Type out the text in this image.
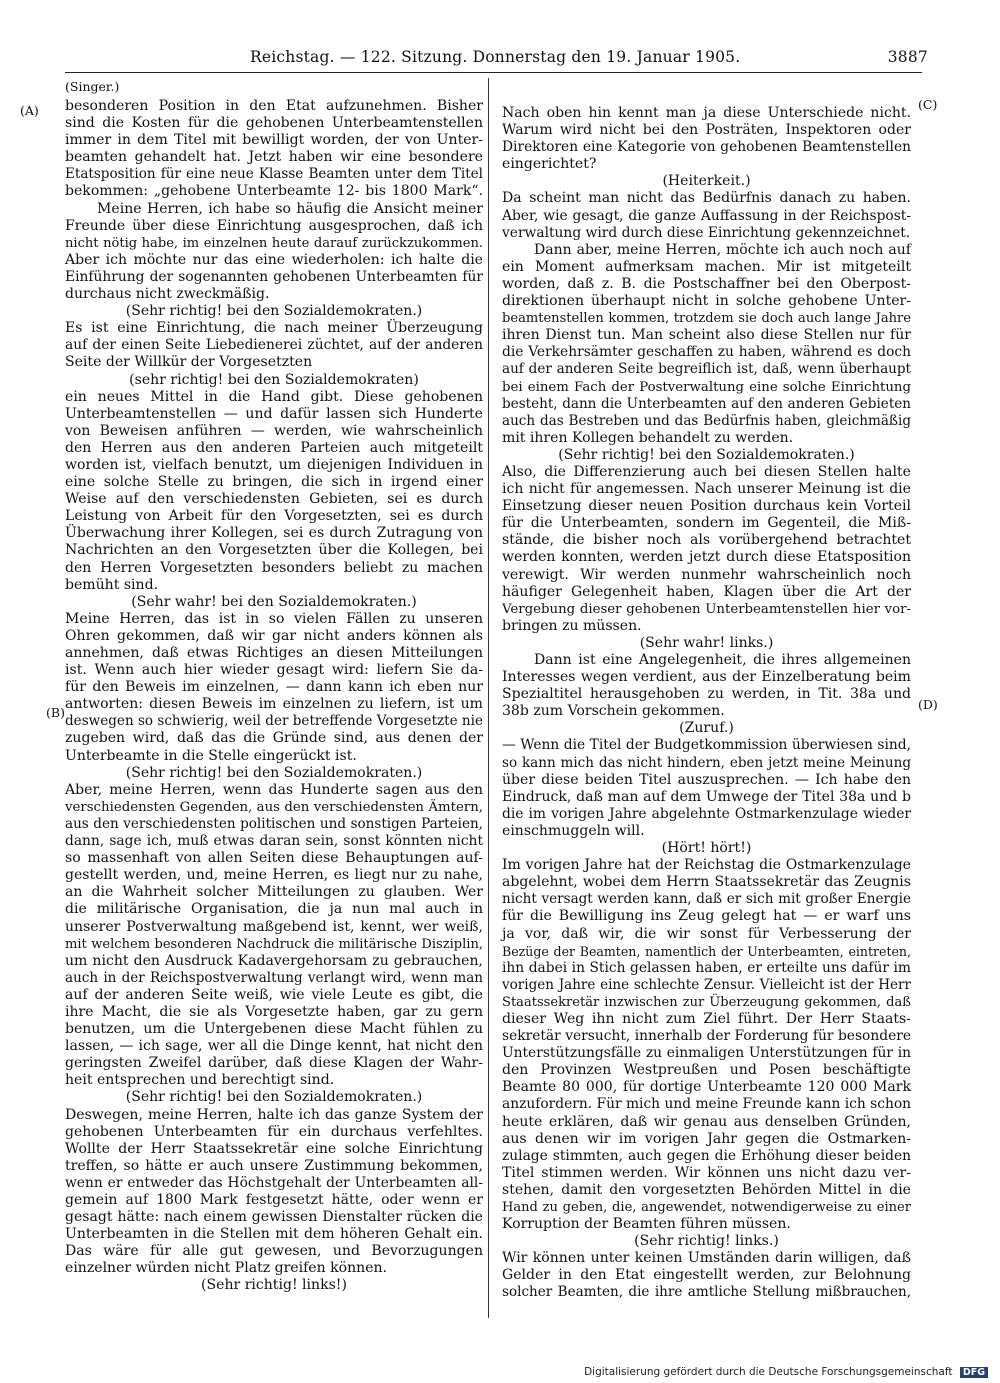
Reichstag. — 122. Sitzung. Donnerstag den 19. Januar 1905.	3887
(A)
(B)
(C)
(D)
(Singer.)
besonderen Position in den Etat aufzunehmen. Bisher
sind die Kosten für die gehobenen Unterbeamtenstellen
immer in dem Titel mit bewilligt worden, der von Unter-
beamten gehandelt hat. Jetzt haben wir eine besondere
Etatsposition für eine neue Klasse Beamten unter dem Titel
bekommen: „gehobene Unterbeamte 12- bis 1800 Mark“.
Meine Herren, ich habe so häufig die Ansicht meiner
Freunde über diese Einrichtung ausgesprochen, daß ich
nicht nötig habe, im einzelnen heute darauf zurückzukommen.
Aber ich möchte nur das eine wiederholen: ich halte die
Einführung der sogenannten gehobenen Unterbeamten für
durchaus nicht zweckmäßig.
(Sehr richtig! bei den Sozialdemokraten.)
Es ist eine Einrichtung, die nach meiner Überzeugung
auf der einen Seite Liebedienerei züchtet, auf der anderen
Seite der Willkür der Vorgesetzten
(sehr richtig! bei den Sozialdemokraten)
ein neues Mittel in die Hand gibt. Diese gehobenen
Unterbeamtenstellen — und dafür lassen sich Hunderte
von Beweisen anführen — werden, wie wahrscheinlich
den Herren aus den anderen Parteien auch mitgeteilt
worden ist, vielfach benutzt, um diejenigen Individuen in
eine solche Stelle zu bringen, die sich in irgend einer
Weise auf den verschiedensten Gebieten, sei es durch
Leistung von Arbeit für den Vorgesetzten, sei es durch
Überwachung ihrer Kollegen, sei es durch Zutragung von
Nachrichten an den Vorgesetzten über die Kollegen, bei
den Herren Vorgesetzten besonders beliebt zu machen
bemüht sind.
(Sehr wahr! bei den Sozialdemokraten.)
Meine Herren, das ist in so vielen Fällen zu unseren
Ohren gekommen, daß wir gar nicht anders können als
annehmen, daß etwas Richtiges an diesen Mitteilungen
ist. Wenn auch hier wieder gesagt wird: liefern Sie da-
für den Beweis im einzelnen, — dann kann ich eben nur
antworten: diesen Beweis im einzelnen zu liefern, ist um
deswegen so schwierig, weil der betreffende Vorgesetzte nie
zugeben wird, daß das die Gründe sind, aus denen der
Unterbeamte in die Stelle eingerückt ist.
(Sehr richtig! bei den Sozialdemokraten.)
Aber, meine Herren, wenn das Hunderte sagen aus den
verschiedensten Gegenden, aus den verschiedensten Ämtern,
aus den verschiedensten politischen und sonstigen Parteien,
dann, sage ich, muß etwas daran sein, sonst könnten nicht
so massenhaft von allen Seiten diese Behauptungen auf-
gestellt werden, und, meine Herren, es liegt nur zu nahe,
an die Wahrheit solcher Mitteilungen zu glauben. Wer
die militärische Organisation, die ja nun mal auch in
unserer Postverwaltung maßgebend ist, kennt, wer weiß,
mit welchem besonderen Nachdruck die militärische Disziplin,
um nicht den Ausdruck Kadavergehorsam zu gebrauchen,
auch in der Reichspostverwaltung verlangt wird, wenn man
auf der anderen Seite weiß, wie viele Leute es gibt, die
ihre Macht, die sie als Vorgesetzte haben, gar zu gern
benutzen, um die Untergebenen diese Macht fühlen zu
lassen, — ich sage, wer all die Dinge kennt, hat nicht den
geringsten Zweifel darüber, daß diese Klagen der Wahr-
heit entsprechen und berechtigt sind.
(Sehr richtig! bei den Sozialdemokraten.)
Deswegen, meine Herren, halte ich das ganze System der
gehobenen Unterbeamten für ein durchaus verfehltes.
Wollte der Herr Staatssekretär eine solche Einrichtung
treffen, so hätte er auch unsere Zustimmung bekommen,
wenn er entweder das Höchstgehalt der Unterbeamten all-
gemein auf 1800 Mark festgesetzt hätte, oder wenn er
gesagt hätte: nach einem gewissen Dienstalter rücken die
Unterbeamten in die Stellen mit dem höheren Gehalt ein.
Das wäre für alle gut gewesen, und Bevorzugungen
einzelner würden nicht Platz greifen können.
(Sehr richtig! links!)
Nach oben hin kennt man ja diese Unterschiede nicht.
Warum wird nicht bei den Posträten, Inspektoren oder
Direktoren eine Kategorie von gehobenen Beamtenstellen
eingerichtet?
(Heiterkeit.)
Da scheint man nicht das Bedürfnis danach zu haben.
Aber, wie gesagt, die ganze Auffassung in der Reichspost-
verwaltung wird durch diese Einrichtung gekennzeichnet.
Dann aber, meine Herren, möchte ich auch noch auf
ein Moment aufmerksam machen. Mir ist mitgeteilt
worden, daß z. B. die Postschaffner bei den Oberpost-
direktionen überhaupt nicht in solche gehobene Unter-
beamtenstellen kommen, trotzdem sie doch auch lange Jahre
ihren Dienst tun. Man scheint also diese Stellen nur für
die Verkehrsämter geschaffen zu haben, während es doch
auf der anderen Seite begreiflich ist, daß, wenn überhaupt
bei einem Fach der Postverwaltung eine solche Einrichtung
besteht, dann die Unterbeamten auf den anderen Gebieten
auch das Bestreben und das Bedürfnis haben, gleichmäßig
mit ihren Kollegen behandelt zu werden.
(Sehr richtig! bei den Sozialdemokraten.)
Also, die Differenzierung auch bei diesen Stellen halte
ich nicht für angemessen. Nach unserer Meinung ist die
Einsetzung dieser neuen Position durchaus kein Vorteil
für die Unterbeamten, sondern im Gegenteil, die Miß-
stände, die bisher noch als vorübergehend betrachtet
werden konnten, werden jetzt durch diese Etatsposition
verewigt. Wir werden nunmehr wahrscheinlich noch
häufiger Gelegenheit haben, Klagen über die Art der
Vergebung dieser gehobenen Unterbeamtenstellen hier vor-
bringen zu müssen.
(Sehr wahr! links.)
Dann ist eine Angelegenheit, die ihres allgemeinen
Interesses wegen verdient, aus der Einzelberatung beim
Spezialtitel herausgehoben zu werden, in Tit. 38a und
38b zum Vorschein gekommen.
(Zuruf.)
— Wenn die Titel der Budgetkommission überwiesen sind,
so kann mich das nicht hindern, eben jetzt meine Meinung
über diese beiden Titel auszusprechen. — Ich habe den
Eindruck, daß man auf dem Umwege der Titel 38a und b
die im vorigen Jahre abgelehnte Ostmarkenzulage wieder
einschmuggeln will.
(Hört! hört!)
Im vorigen Jahre hat der Reichstag die Ostmarkenzulage
abgelehnt, wobei dem Herrn Staatssekretär das Zeugnis
nicht versagt werden kann, daß er sich mit großer Energie
für die Bewilligung ins Zeug gelegt hat — er warf uns
ja vor, daß wir, die wir sonst für Verbesserung der
Bezüge der Beamten, namentlich der Unterbeamten, eintreten,
ihn dabei in Stich gelassen haben, er erteilte uns dafür im
vorigen Jahre eine schlechte Zensur. Vielleicht ist der Herr
Staatssekretär inzwischen zur Überzeugung gekommen, daß
dieser Weg ihn nicht zum Ziel führt. Der Herr Staats-
sekretär versucht, innerhalb der Forderung für besondere
Unterstützungsfälle zu einmaligen Unterstützungen für in
den Provinzen Westpreußen und Posen beschäftigte
Beamte 80 000, für dortige Unterbeamte 120 000 Mark
anzufordern. Für mich und meine Freunde kann ich schon
heute erklären, daß wir genau aus denselben Gründen,
aus denen wir im vorigen Jahr gegen die Ostmarken-
zulage stimmten, auch gegen die Erhöhung dieser beiden
Titel stimmen werden. Wir können uns nicht dazu ver-
stehen, damit den vorgesetzten Behörden Mittel in die
Hand zu geben, die, angewendet, notwendigerweise zu einer
Korruption der Beamten führen müssen.
(Sehr richtig! links.)
Wir können unter keinen Umständen darin willigen, daß
Gelder in den Etat eingestellt werden, zur Belohnung
solcher Beamten, die ihre amtliche Stellung mißbrauchen,
Digitalisierung gefördert durch die Deutsche Forschungsgemeinschaft DFG
